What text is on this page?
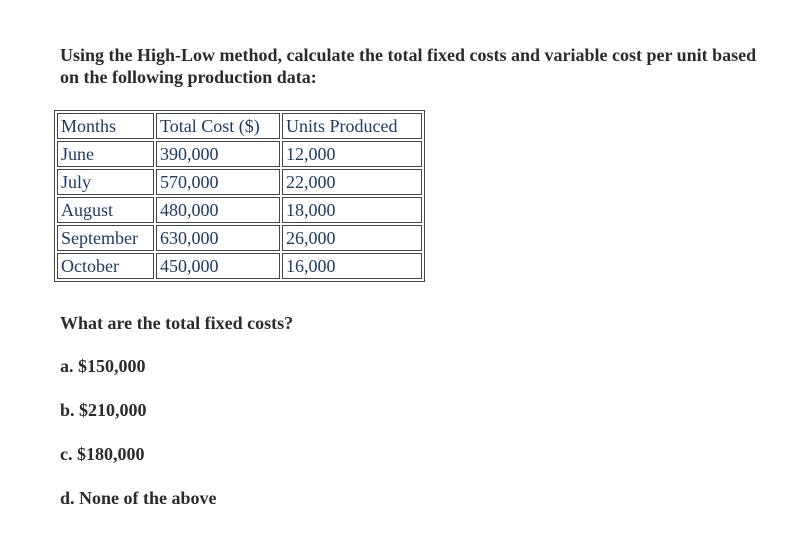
Using the High-Low method, calculate the total fixed costs and variable cost per unit based on the following production data:

Months	Total Cost ($)	Units Produced
June	390,000	12,000
July	570,000	22,000
August	480,000	18,000
September	630,000	26,000
October	450,000	16,000

What are the total fixed costs?

a. $150,000

b. $210,000

c. $180,000

d. None of the above
